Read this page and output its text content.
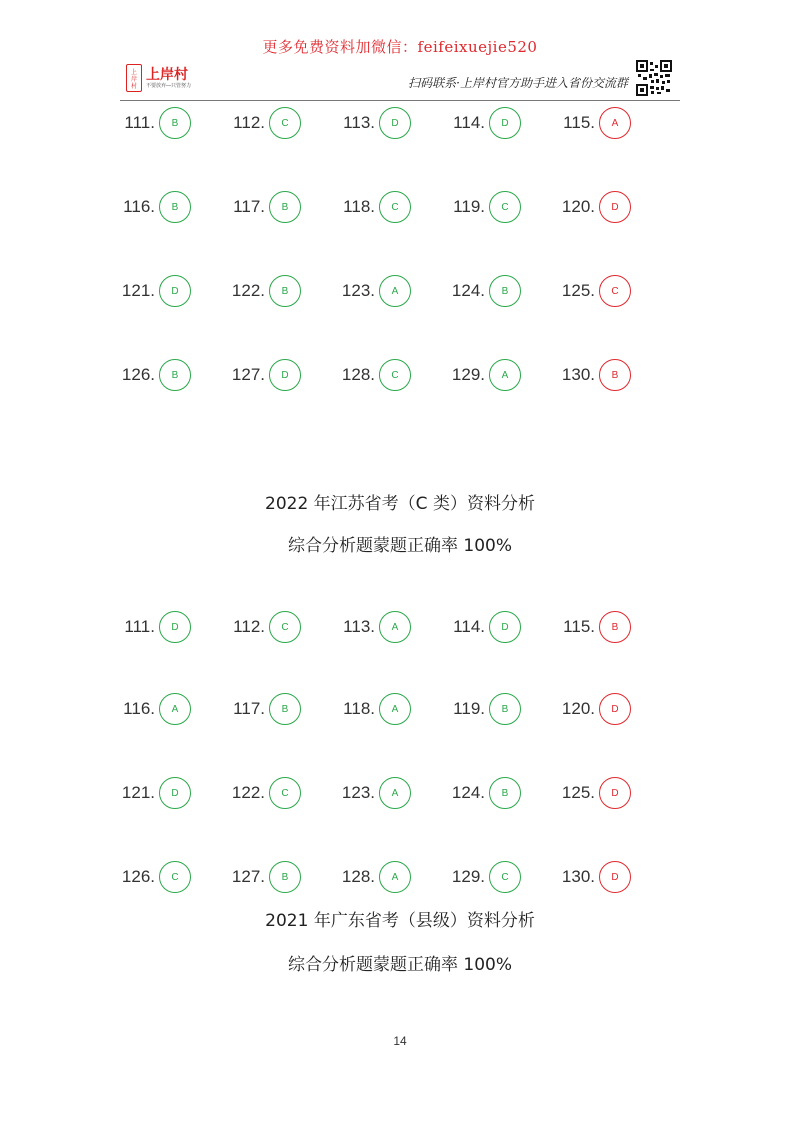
更多免费资料加微信：feifeixuejie520
上
岸
村
上岸村
不要放弃—只管努力	扫码联系·上岸村官方助手进入省份交流群
111.	B	112.	C	113.	D	114.	D	115.	A
116.	B	117.	B	118.	C	119.	C	120.	D
121.	D	122.	B	123.	A	124.	B	125.	C
126.	B	127.	D	128.	C	129.	A	130.	B
2022 年江苏省考（C 类）资料分析
综合分析题蒙题正确率 100%
111.	D	112.	C	113.	A	114.	D	115.	B
116.	A	117.	B	118.	A	119.	B	120.	D
121.	D	122.	C	123.	A	124.	B	125.	D
126.	C	127.	B	128.	A	129.	C	130.	D
2021 年广东省考（县级）资料分析
综合分析题蒙题正确率 100%
14
